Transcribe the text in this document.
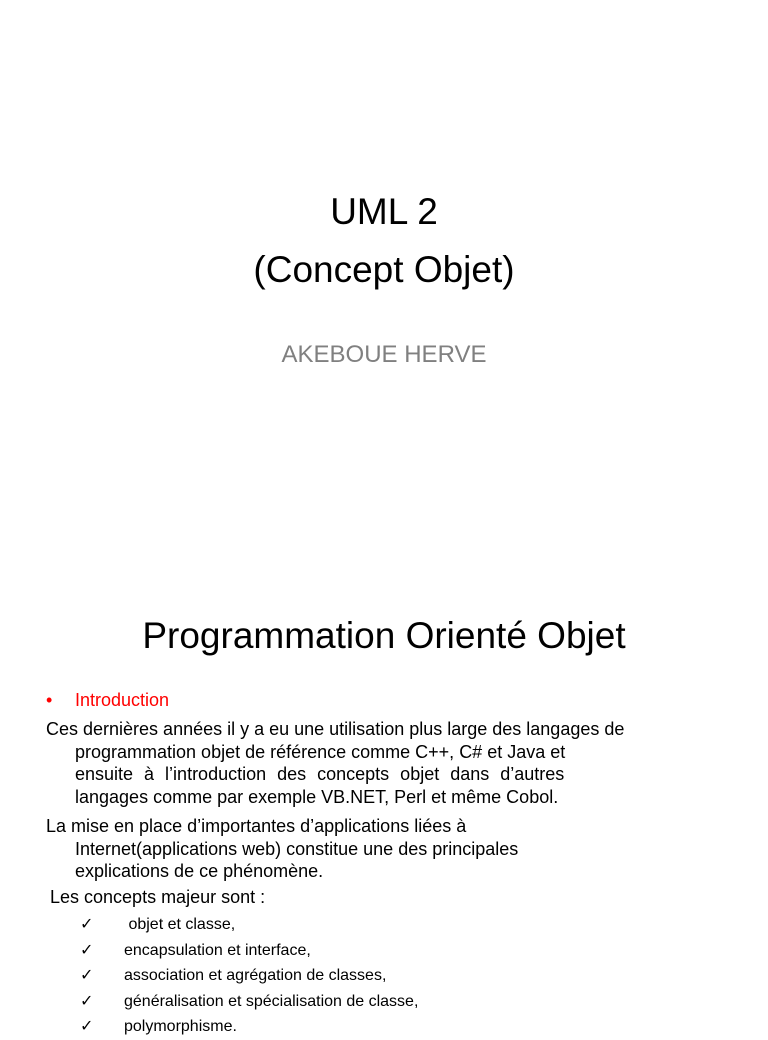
UML 2
(Concept Objet)
AKEBOUE HERVE
Programmation Orienté Objet
• Introduction
Ces dernières années il y a eu une utilisation plus large des langages de
programmation objet de référence comme C++, C# et Java et
ensuite à l’introduction des concepts objet dans d’autres
langages comme par exemple VB.NET, Perl et même Cobol.
La mise en place d’importantes d’applications liées à
Internet(applications web) constitue une des principales
explications de ce phénomène.
Les concepts majeur sont :
✓ objet et classe,
✓ encapsulation et interface,
✓ association et agrégation de classes,
✓ généralisation et spécialisation de classe,
✓ polymorphisme.
